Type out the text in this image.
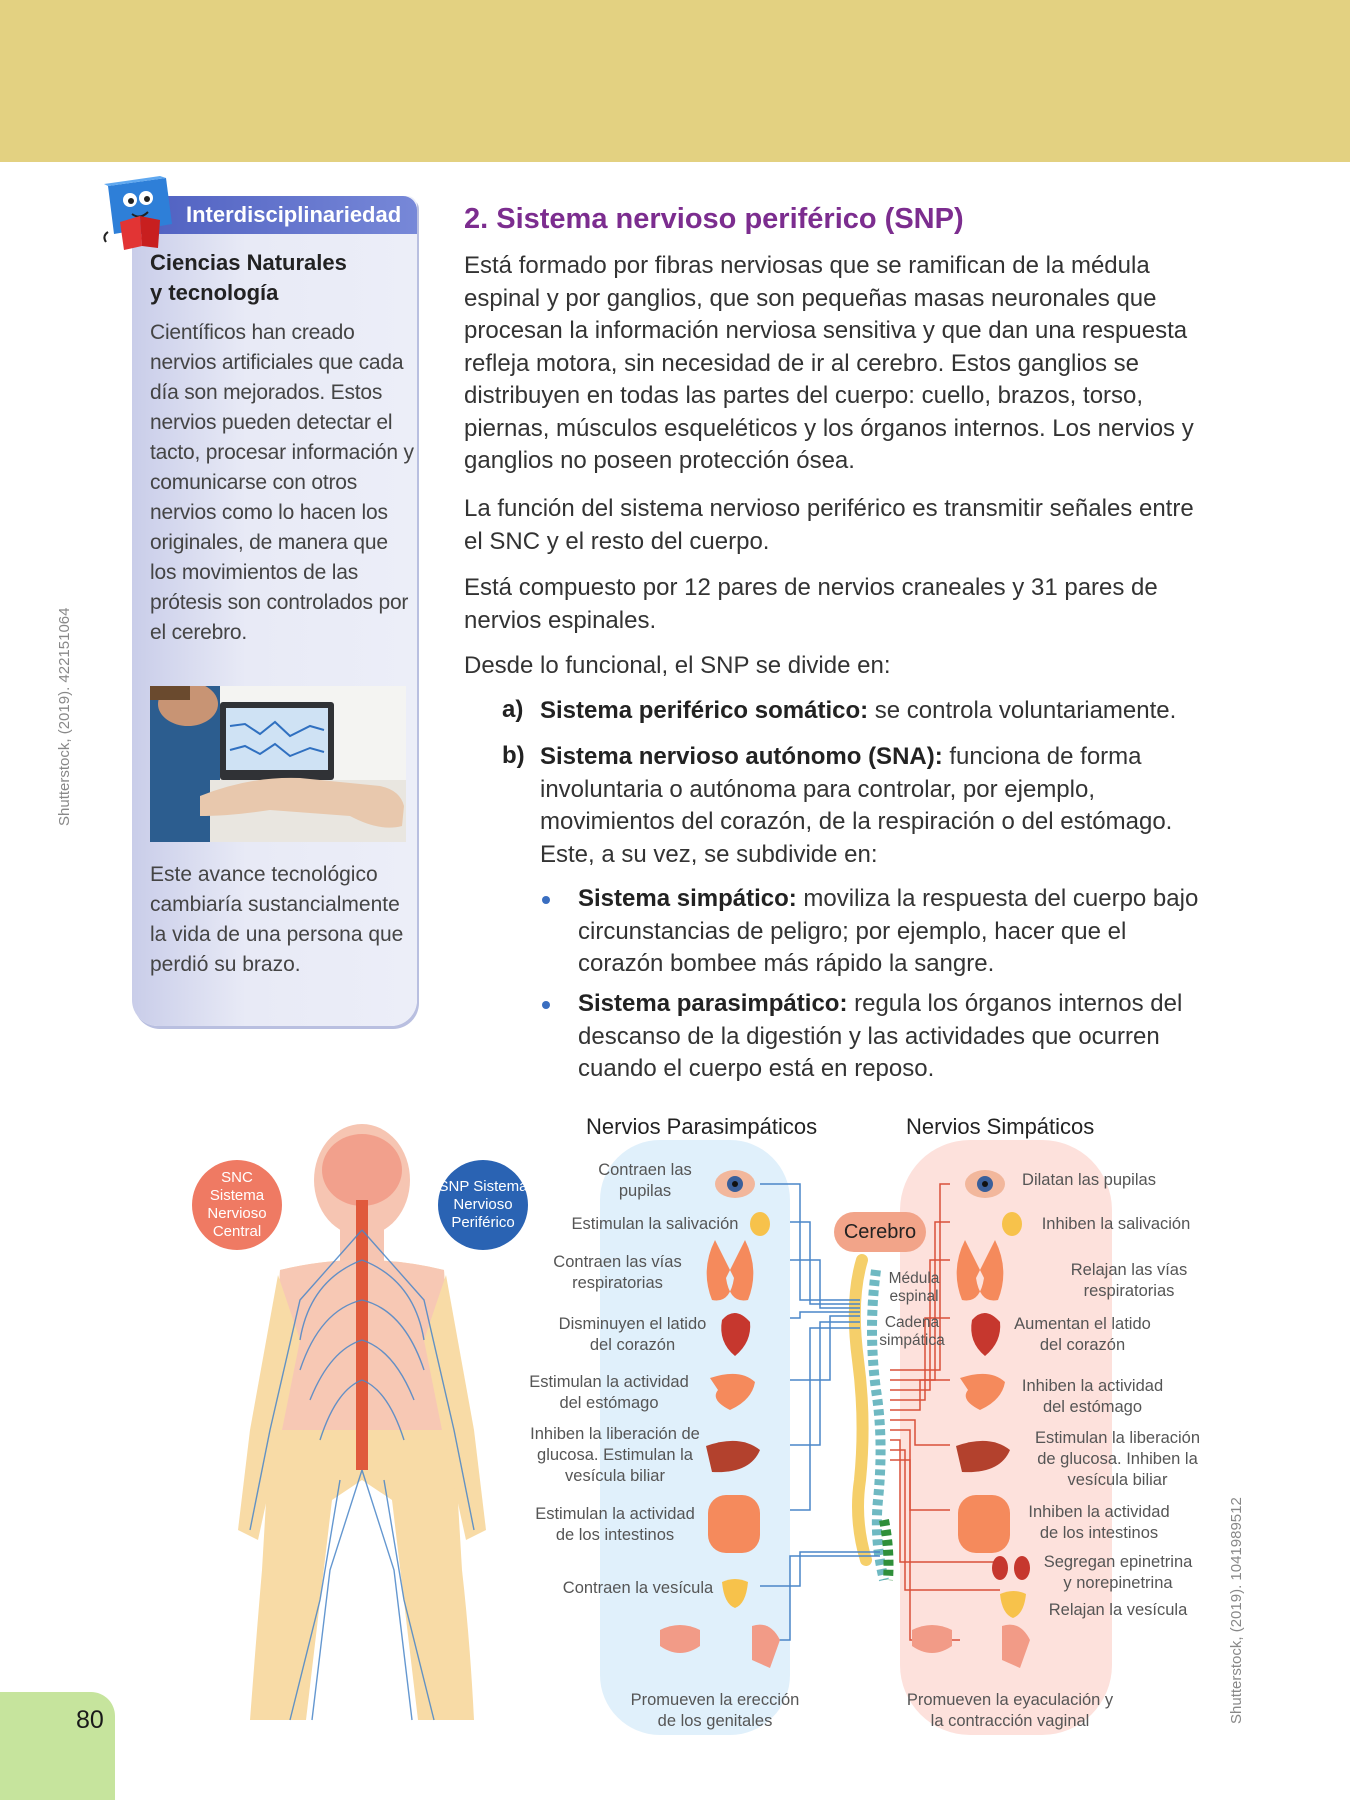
Interdisciplinariedad
Ciencias Naturales
y tecnología
Científicos han creado nervios artificiales que cada día son mejorados. Estos nervios pueden detectar el tacto, procesar información y comunicarse con otros nervios como lo hacen los originales, de manera que los movimientos de las prótesis son controlados por el cerebro.
Este avance tecnológico cambiaría sustancialmente la vida de una persona que perdió su brazo.
Shutterstock, (2019). 422151064
2. Sistema nervioso periférico (SNP)

Está formado por fibras nerviosas que se ramifican de la médula espinal y por ganglios, que son pequeñas masas neuronales que procesan la información nerviosa sensitiva y que dan una respuesta refleja motora, sin necesidad de ir al cerebro. Estos ganglios se distribuyen en todas las partes del cuerpo: cuello, brazos, torso, piernas, músculos esqueléticos y los órganos internos. Los nervios y ganglios no poseen protección ósea.

La función del sistema nervioso periférico es transmitir señales entre el SNC y el resto del cuerpo.

Está compuesto por 12 pares de nervios craneales y 31 pares de nervios espinales.

Desde lo funcional, el SNP se divide en:

a) Sistema periférico somático: se controla voluntariamente.
b) Sistema nervioso autónomo (SNA): funciona de forma involuntaria o autónoma para controlar, por ejemplo, movimientos del corazón, de la respiración o del estómago. Este, a su vez, se subdivide en:
Sistema simpático: moviliza la respuesta del cuerpo bajo circunstancias de peligro; por ejemplo, hacer que el corazón bombee más rápido la sangre.
Sistema parasimpático: regula los órganos internos del descanso de la digestión y las actividades que ocurren cuando el cuerpo está en reposo.
SNC Sistema Nervioso Central
SNP Sistema Nervioso Periférico
Nervios Parasimpáticos	Nervios Simpáticos
Cerebro
Médula espinal
Cadena simpática
Contraen las pupilas
Estimulan la salivación
Contraen las vías respiratorias
Disminuyen el latido del corazón
Estimulan la actividad del estómago
Inhiben la liberación de glucosa. Estimulan la vesícula biliar
Estimulan la actividad de los intestinos
Contraen la vesícula
Promueven la erección de los genitales
Dilatan las pupilas
Inhiben la salivación
Relajan las vías respiratorias
Aumentan el latido del corazón
Inhiben la actividad del estómago
Estimulan la liberación de glucosa. Inhiben la vesícula biliar
Inhiben la actividad de los intestinos
Segregan epinetrina y norepinetrina
Relajan la vesícula
Promueven la eyaculación y la contracción vaginal	Shutterstock, (2019). 1041989512
80
